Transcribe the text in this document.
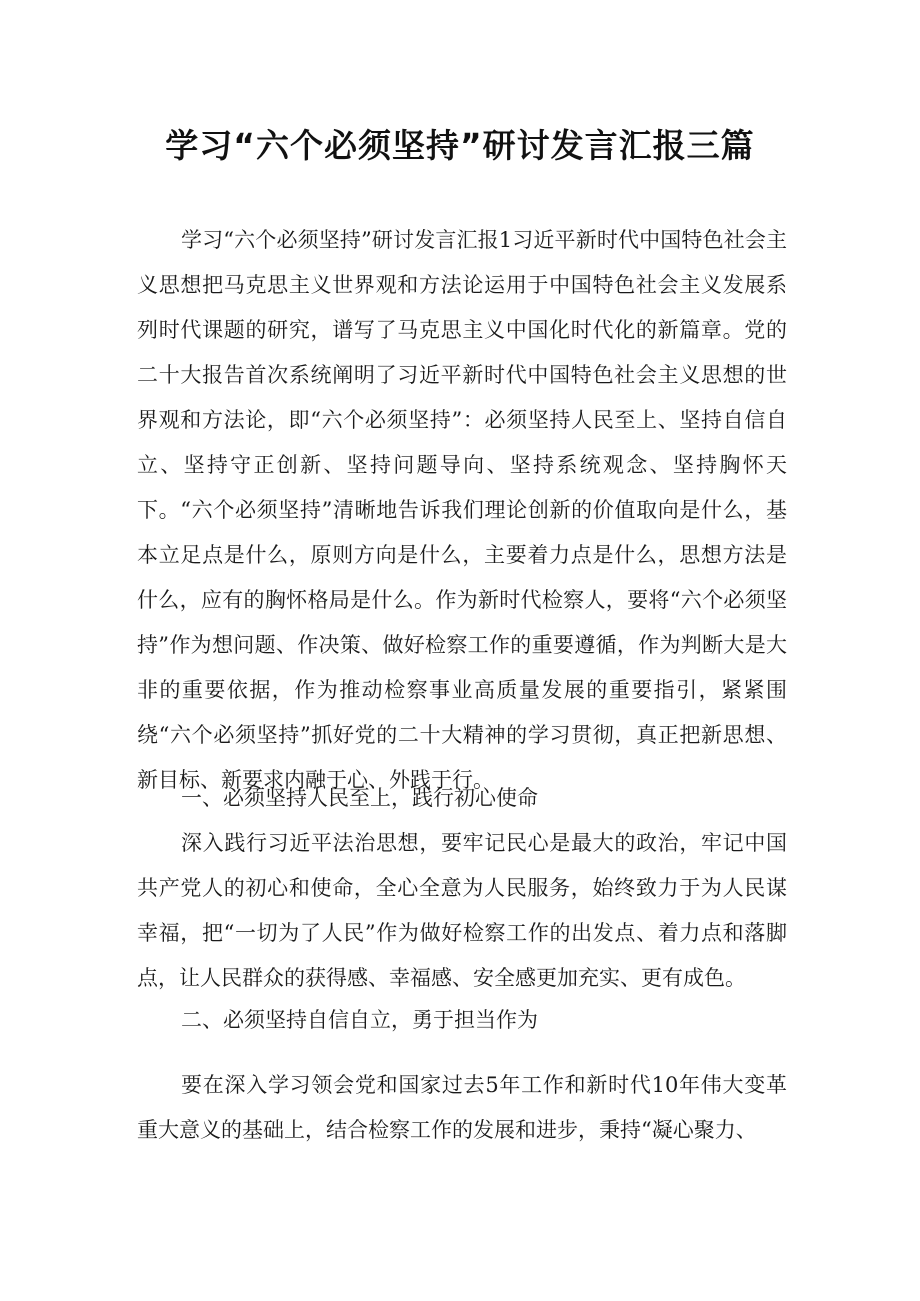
学习“六个必须坚持”研讨发言汇报三篇

学习“六个必须坚持”研讨发言汇报1习近平新时代中国特色社会主义思想把马克思主义世界观和方法论运用于中国特色社会主义发展系列时代课题的研究，谱写了马克思主义中国化时代化的新篇章。党的二十大报告首次系统阐明了习近平新时代中国特色社会主义思想的世界观和方法论，即“六个必须坚持”：必须坚持人民至上、坚持自信自立、坚持守正创新、坚持问题导向、坚持系统观念、坚持胸怀天下。“六个必须坚持”清晰地告诉我们理论创新的价值取向是什么，基本立足点是什么，原则方向是什么，主要着力点是什么，思想方法是什么，应有的胸怀格局是什么。作为新时代检察人，要将“六个必须坚持”作为想问题、作决策、做好检察工作的重要遵循，作为判断大是大非的重要依据，作为推动检察事业高质量发展的重要指引，紧紧围绕“六个必须坚持”抓好党的二十大精神的学习贯彻，真正把新思想、新目标、新要求内融于心、外践于行。

一、必须坚持人民至上，践行初心使命

深入践行习近平法治思想，要牢记民心是最大的政治，牢记中国共产党人的初心和使命，全心全意为人民服务，始终致力于为人民谋幸福，把“一切为了人民”作为做好检察工作的出发点、着力点和落脚点，让人民群众的获得感、幸福感、安全感更加充实、更有成色。

二、必须坚持自信自立，勇于担当作为

要在深入学习领会党和国家过去5年工作和新时代10年伟大变革重大意义的基础上，结合检察工作的发展和进步，秉持“凝心聚力、
